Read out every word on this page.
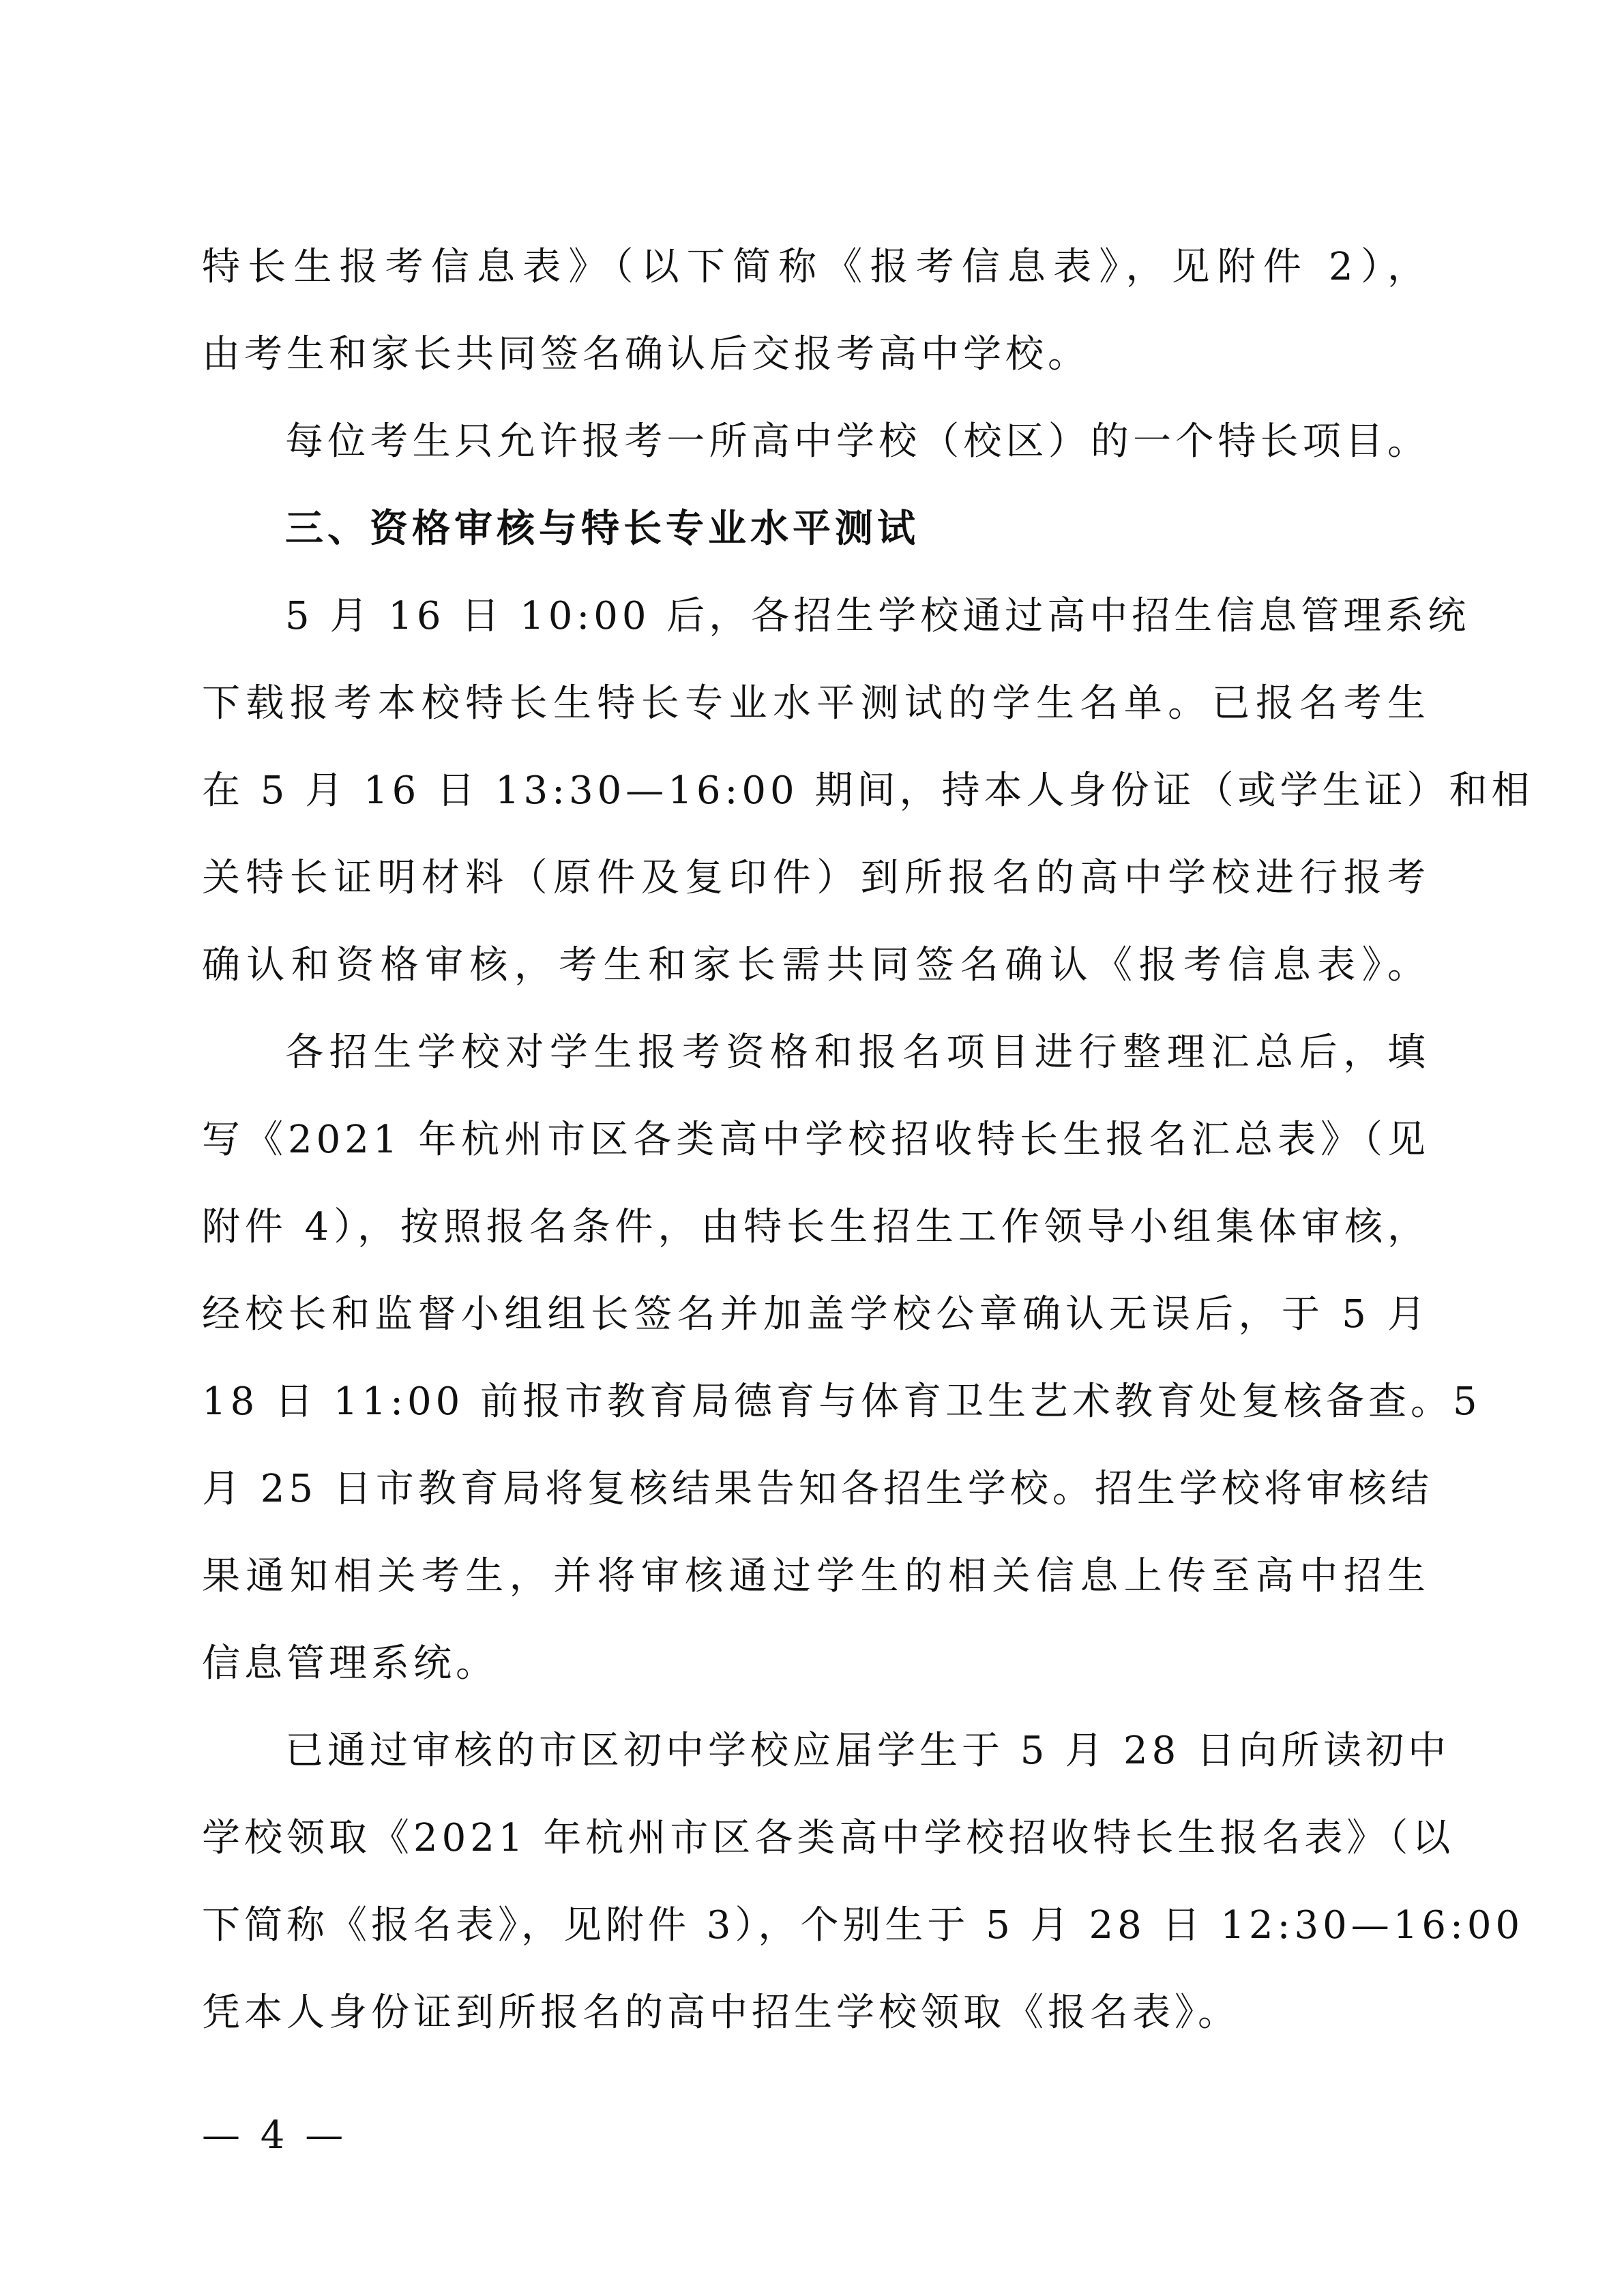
特长生报考信息表》（以下简称《报考信息表》，见附件 2），
由考生和家长共同签名确认后交报考高中学校。
每位考生只允许报考一所高中学校（校区）的一个特长项目。
三、资格审核与特长专业水平测试
5 月 16 日 10:00 后，各招生学校通过高中招生信息管理系统
下载报考本校特长生特长专业水平测试的学生名单。已报名考生
在 5 月 16 日 13:30—16:00 期间，持本人身份证（或学生证）和相
关特长证明材料（原件及复印件）到所报名的高中学校进行报考
确认和资格审核，考生和家长需共同签名确认《报考信息表》。
各招生学校对学生报考资格和报名项目进行整理汇总后，填
写《2021 年杭州市区各类高中学校招收特长生报名汇总表》（见
附件 4），按照报名条件，由特长生招生工作领导小组集体审核，
经校长和监督小组组长签名并加盖学校公章确认无误后，于 5 月
18 日 11:00 前报市教育局德育与体育卫生艺术教育处复核备查。5
月 25 日市教育局将复核结果告知各招生学校。招生学校将审核结
果通知相关考生，并将审核通过学生的相关信息上传至高中招生
信息管理系统。
已通过审核的市区初中学校应届学生于 5 月 28 日向所读初中
学校领取《2021 年杭州市区各类高中学校招收特长生报名表》（以
下简称《报名表》，见附件 3），个别生于 5 月 28 日 12:30—16:00
凭本人身份证到所报名的高中招生学校领取《报名表》。
— 4 —
